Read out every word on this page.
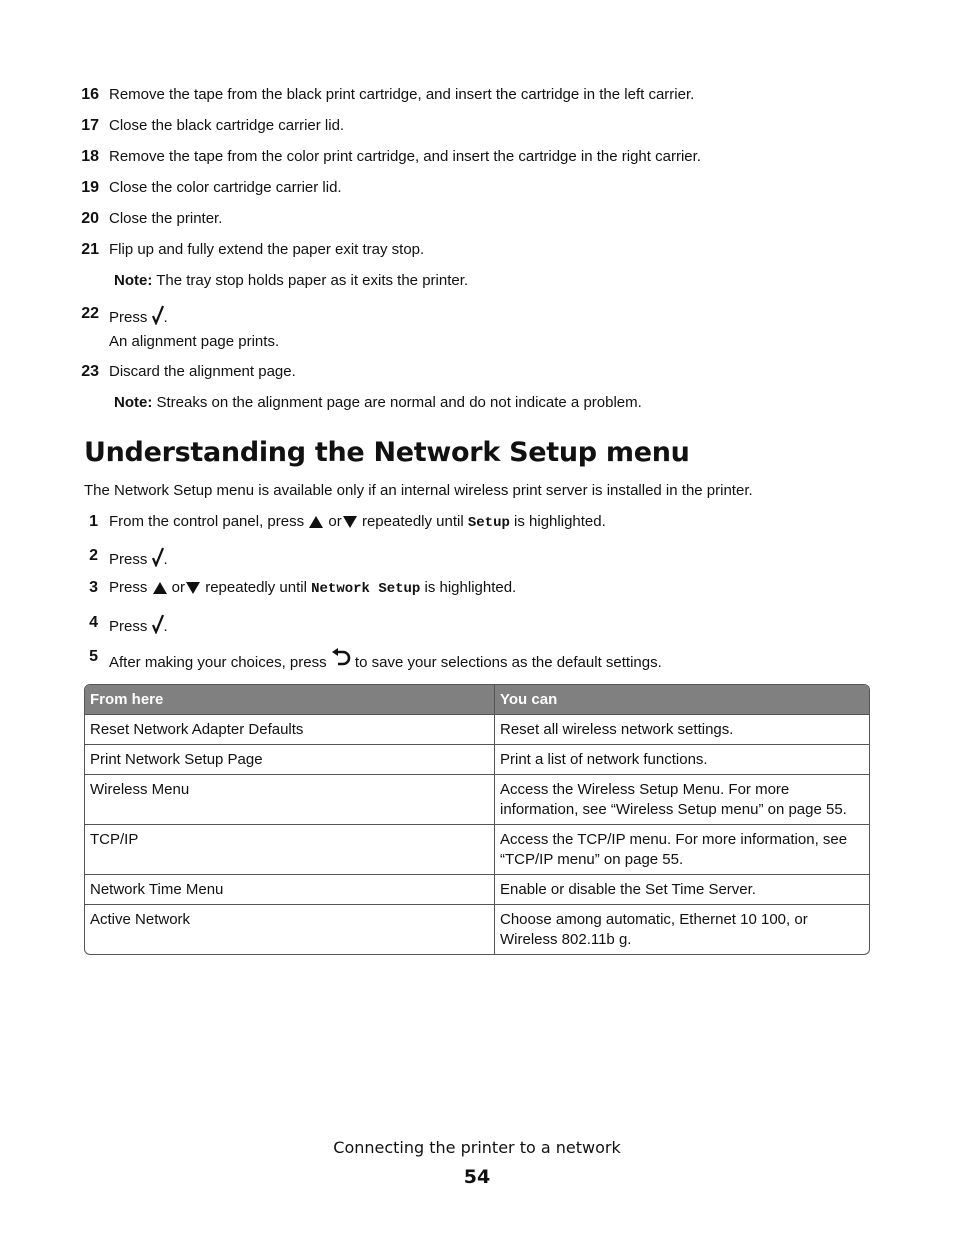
16 Remove the tape from the black print cartridge, and insert the cartridge in the left carrier.
17 Close the black cartridge carrier lid.
18 Remove the tape from the color print cartridge, and insert the cartridge in the right carrier.
19 Close the color cartridge carrier lid.
20 Close the printer.
21 Flip up and fully extend the paper exit tray stop.
Note: The tray stop holds paper as it exits the printer.
22 Press .
An alignment page prints.
23 Discard the alignment page.
Note: Streaks on the alignment page are normal and do not indicate a problem.
Understanding the Network Setup menu
The Network Setup menu is available only if an internal wireless print server is installed in the printer.
1 From the control panel, press  or repeatedly until Setup is highlighted.
2 Press .
3 Press  or repeatedly until Network Setup is highlighted.
4 Press .
5 After making your choices, press  to save your selections as the default settings.
From here	You can
Reset Network Adapter Defaults	Reset all wireless network settings.
Print Network Setup Page	Print a list of network functions.
Wireless Menu	Access the Wireless Setup Menu. For more information, see “Wireless Setup menu” on page 55.
TCP/IP	Access the TCP/IP menu. For more information, see “TCP/IP menu” on page 55.
Network Time Menu	Enable or disable the Set Time Server.
Active Network	Choose among automatic, Ethernet 10 100, or Wireless 802.11b g.
Connecting the printer to a network
54
